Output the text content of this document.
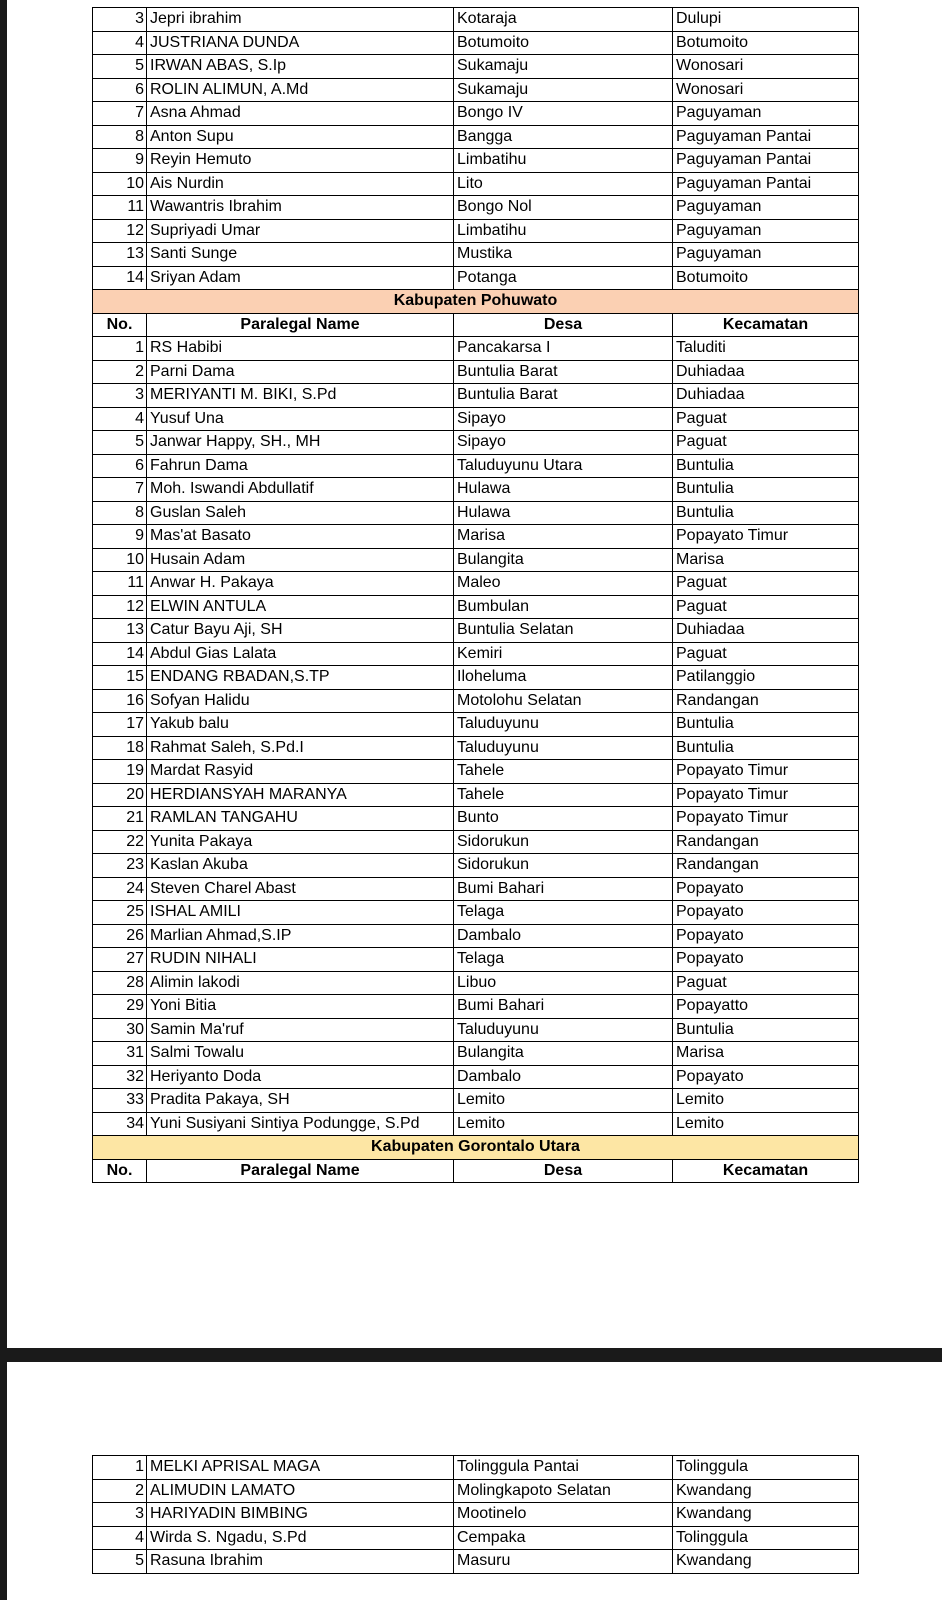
3	Jepri ibrahim	Kotaraja	Dulupi
4	JUSTRIANA DUNDA	Botumoito	Botumoito
5	IRWAN ABAS, S.Ip	Sukamaju	Wonosari
6	ROLIN ALIMUN, A.Md	Sukamaju	Wonosari
7	Asna Ahmad	Bongo IV	Paguyaman
8	Anton Supu	Bangga	Paguyaman Pantai
9	Reyin Hemuto	Limbatihu	Paguyaman Pantai
10	Ais Nurdin	Lito	Paguyaman Pantai
11	Wawantris Ibrahim	Bongo Nol	Paguyaman
12	Supriyadi Umar	Limbatihu	Paguyaman
13	Santi Sunge	Mustika	Paguyaman
14	Sriyan Adam	Potanga	Botumoito
Kabupaten Pohuwato			
No.	Paralegal Name	Desa	Kecamatan
1	RS Habibi	Pancakarsa I	Taluditi
2	Parni Dama	Buntulia Barat	Duhiadaa
3	MERIYANTI M. BIKI, S.Pd	Buntulia Barat	Duhiadaa
4	Yusuf Una	Sipayo	Paguat
5	Janwar Happy, SH., MH	Sipayo	Paguat
6	Fahrun Dama	Taluduyunu Utara	Buntulia
7	Moh. Iswandi Abdullatif	Hulawa	Buntulia
8	Guslan Saleh	Hulawa	Buntulia
9	Mas'at Basato	Marisa	Popayato Timur
10	Husain Adam	Bulangita	Marisa
11	Anwar H. Pakaya	Maleo	Paguat
12	ELWIN ANTULA	Bumbulan	Paguat
13	Catur Bayu Aji, SH	Buntulia Selatan	Duhiadaa
14	Abdul Gias Lalata	Kemiri	Paguat
15	ENDANG RBADAN,S.TP	Iloheluma	Patilanggio
16	Sofyan Halidu	Motolohu Selatan	Randangan
17	Yakub balu	Taluduyunu	Buntulia
18	Rahmat Saleh, S.Pd.I	Taluduyunu	Buntulia
19	Mardat Rasyid	Tahele	Popayato Timur
20	HERDIANSYAH MARANYA	Tahele	Popayato Timur
21	RAMLAN TANGAHU	Bunto	Popayato Timur
22	Yunita Pakaya	Sidorukun	Randangan
23	Kaslan Akuba	Sidorukun	Randangan
24	Steven Charel Abast	Bumi Bahari	Popayato
25	ISHAL AMILI	Telaga	Popayato
26	Marlian Ahmad,S.IP	Dambalo	Popayato
27	RUDIN NIHALI	Telaga	Popayato
28	Alimin lakodi	Libuo	Paguat
29	Yoni Bitia	Bumi Bahari	Popayatto
30	Samin Ma'ruf	Taluduyunu	Buntulia
31	Salmi Towalu	Bulangita	Marisa
32	Heriyanto Doda	Dambalo	Popayato
33	Pradita Pakaya, SH	Lemito	Lemito
34	Yuni Susiyani Sintiya Podungge, S.Pd	Lemito	Lemito
Kabupaten Gorontalo Utara			
No.	Paralegal Name	Desa	Kecamatan
1	MELKI APRISAL MAGA	Tolinggula Pantai	Tolinggula
2	ALIMUDIN LAMATO	Molingkapoto Selatan	Kwandang
3	HARIYADIN BIMBING	Mootinelo	Kwandang
4	Wirda S. Ngadu, S.Pd	Cempaka	Tolinggula
5	Rasuna Ibrahim	Masuru	Kwandang
